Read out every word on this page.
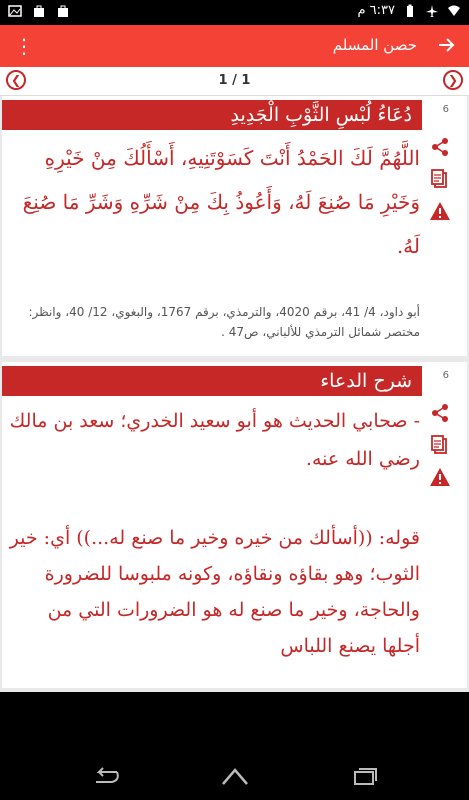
٦:٣٧ م
⋮	حصن المسلم
❮	1 / 1	❯
دُعَاءُ لُبْسِ الثَّوْبِ الْجَدِيدِ
اللَّهُمَّ لَكَ الحَمْدُ أَنْتَ كَسَوْتَنِيهِ، أَسْأَلُكَ مِنْ خَيْرِهِ وَخَيْرِ مَا صُنِعَ لَهُ، وَأَعُوذُ بِكَ مِنْ شَرِّهِ وَشَرِّ مَا صُنِعَ لَهُ.
أبو داود، 4/ 41، برقم 4020، والترمذي، برقم 1767، والبغوي، 12/ 40، وانظر: مختصر شمائل الترمذي للألباني، ص47 .
6
شرح الدعاء
- صحابي الحديث هو أبو سعيد الخدري؛ سعد بن مالك رضي الله عنه.
قوله: ((أسألك من خيره وخير ما صنع له...)) أي: خير الثوب؛ وهو بقاؤه ونقاؤه، وكونه ملبوسا للضرورة والحاجة، وخير ما صنع له هو الضرورات التي من أجلها يصنع اللباس
6
